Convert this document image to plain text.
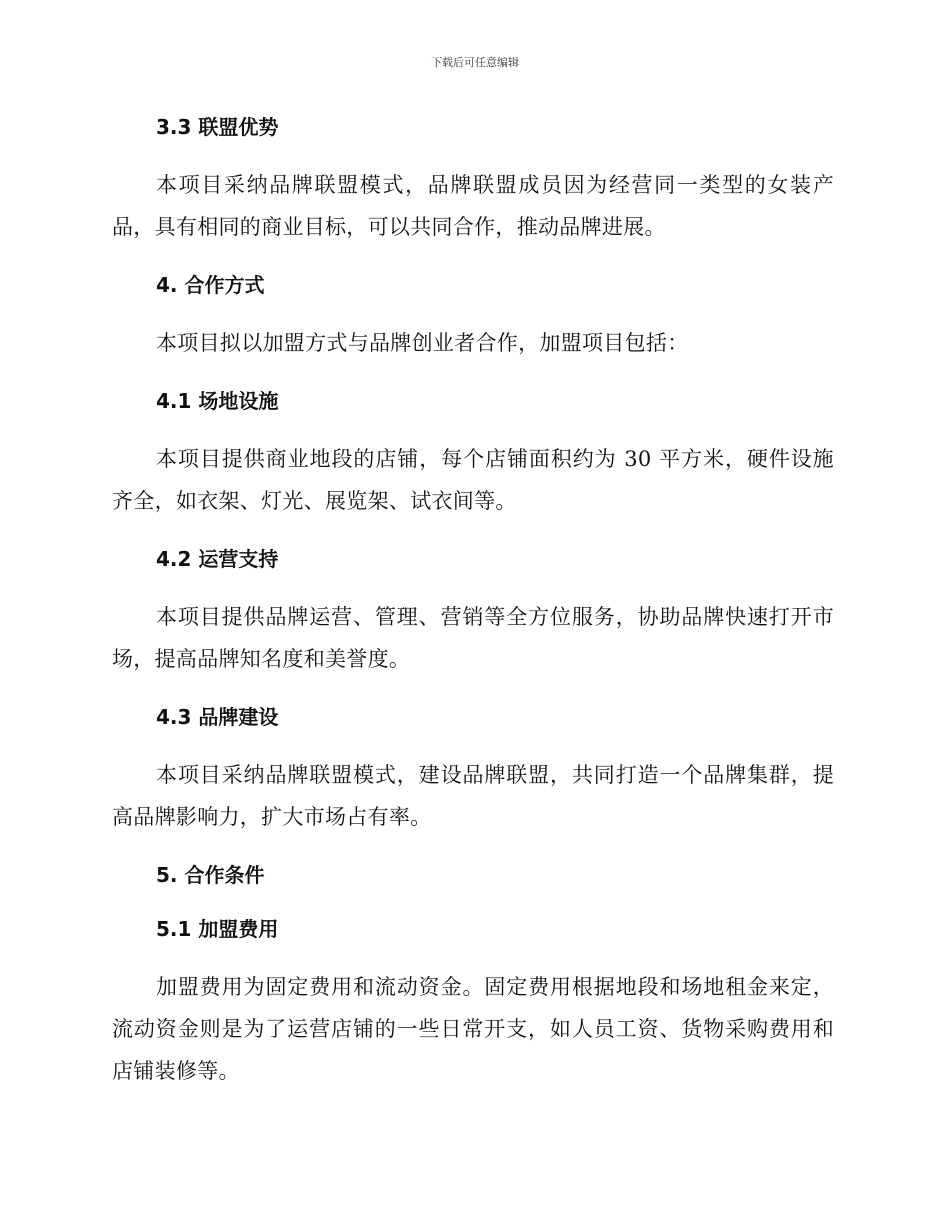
下载后可任意编辑
3.3 联盟优势
本项目采纳品牌联盟模式，品牌联盟成员因为经营同一类型的女装产品，具有相同的商业目标，可以共同合作，推动品牌进展。
4. 合作方式
本项目拟以加盟方式与品牌创业者合作，加盟项目包括：
4.1 场地设施
本项目提供商业地段的店铺，每个店铺面积约为 30 平方米，硬件设施齐全，如衣架、灯光、展览架、试衣间等。
4.2 运营支持
本项目提供品牌运营、管理、营销等全方位服务，协助品牌快速打开市场，提高品牌知名度和美誉度。
4.3 品牌建设
本项目采纳品牌联盟模式，建设品牌联盟，共同打造一个品牌集群，提高品牌影响力，扩大市场占有率。
5. 合作条件
5.1 加盟费用
加盟费用为固定费用和流动资金。固定费用根据地段和场地租金来定，流动资金则是为了运营店铺的一些日常开支，如人员工资、货物采购费用和店铺装修等。
